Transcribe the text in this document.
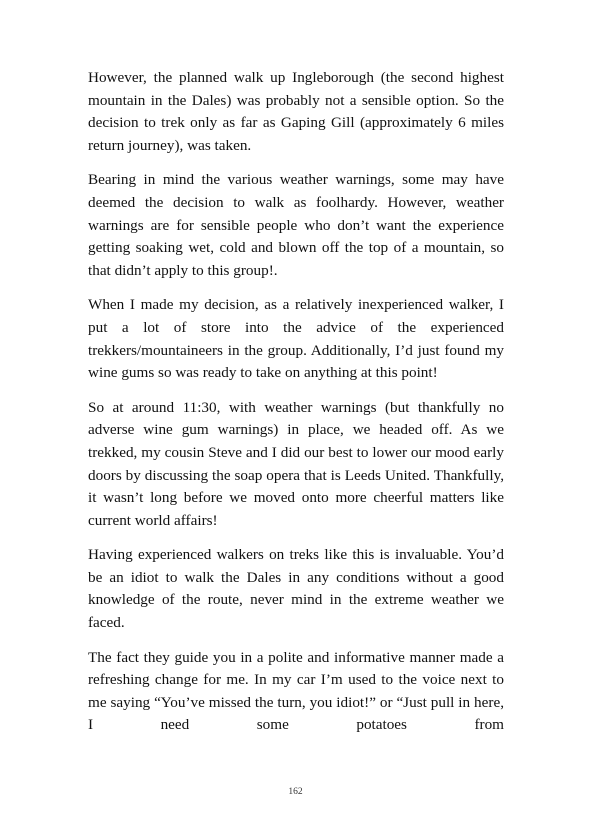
However, the planned walk up Ingleborough (the second highest mountain in the Dales) was probably not a sensible option. So the decision to trek only as far as Gaping Gill (approximately 6 miles return journey), was taken.

Bearing in mind the various weather warnings, some may have deemed the decision to walk as foolhardy. However, weather warnings are for sensible people who don’t want the experience getting soaking wet, cold and blown off the top of a mountain, so that didn’t apply to this group!.

When I made my decision, as a relatively inexperienced walker, I put a lot of store into the advice of the experienced trekkers/mountaineers in the group. Additionally, I’d just found my wine gums so was ready to take on anything at this point!

So at around 11:30, with weather warnings (but thankfully no adverse wine gum warnings) in place, we headed off. As we trekked, my cousin Steve and I did our best to lower our mood early doors by discussing the soap opera that is Leeds United. Thankfully, it wasn’t long before we moved onto more cheerful matters like current world affairs!

Having experienced walkers on treks like this is invaluable. You’d be an idiot to walk the Dales in any conditions without a good knowledge of the route, never mind in the extreme weather we faced.

The fact they guide you in a polite and informative manner made a refreshing change for me. In my car I’m used to the voice next to me saying “You’ve missed the turn, you idiot!” or “Just pull in here, I need some potatoes from

162
